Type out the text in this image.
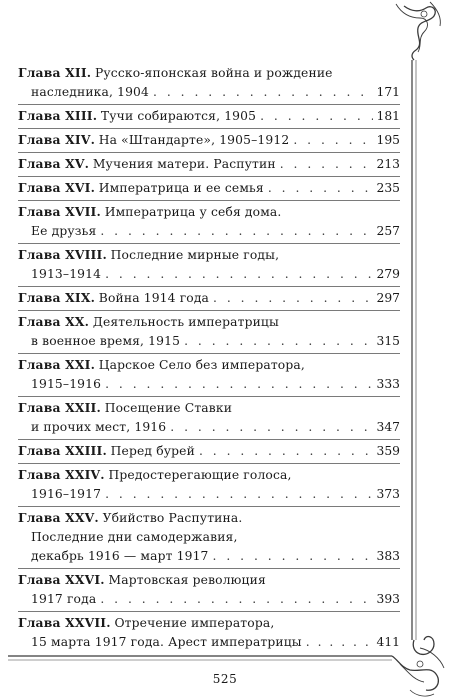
Глава XII. Русско-японская война и рождение
наследника, 1904 . . .	171
Глава XIII .
Тучи собираются, 1905 . . .	181
Глава XIV .
На «Штандарте», 1905–1912 . . .	195
Глава XV .
Мучения матери. Распутин . . .	213
Глава XVI .
Императрица и ее семья . . .	235
Глава XVII. Императрица у себя дома.
Ее друзья . . .	257
Глава XVIII. Последние мирные годы,
1913–1914 . . .	279
Глава XIX .
Война 1914 года . . .	297
Глава XX. Деятельность императрицы
в военное время, 1915 . . .	315
Глава XXI. Царское Село без императора,
1915–1916 . . .	333
Глава XXII. Посещение Ставки
и прочих мест, 1916 . . .	347
Глава XXIII .
Перед бурей . . .	359
Глава XXIV. Предостерегающие голоса,
1916–1917 . . .	373
Глава XXV. Убийство Распутина.
Последние дни самодержавия,
декабрь 1916 — март 1917 . . .	383
Глава XXVI. Мартовская революция
1917 года . . .	393
Глава XXVII. Отречение императора,
15 марта 1917 года. Арест императрицы . . .	411
525
